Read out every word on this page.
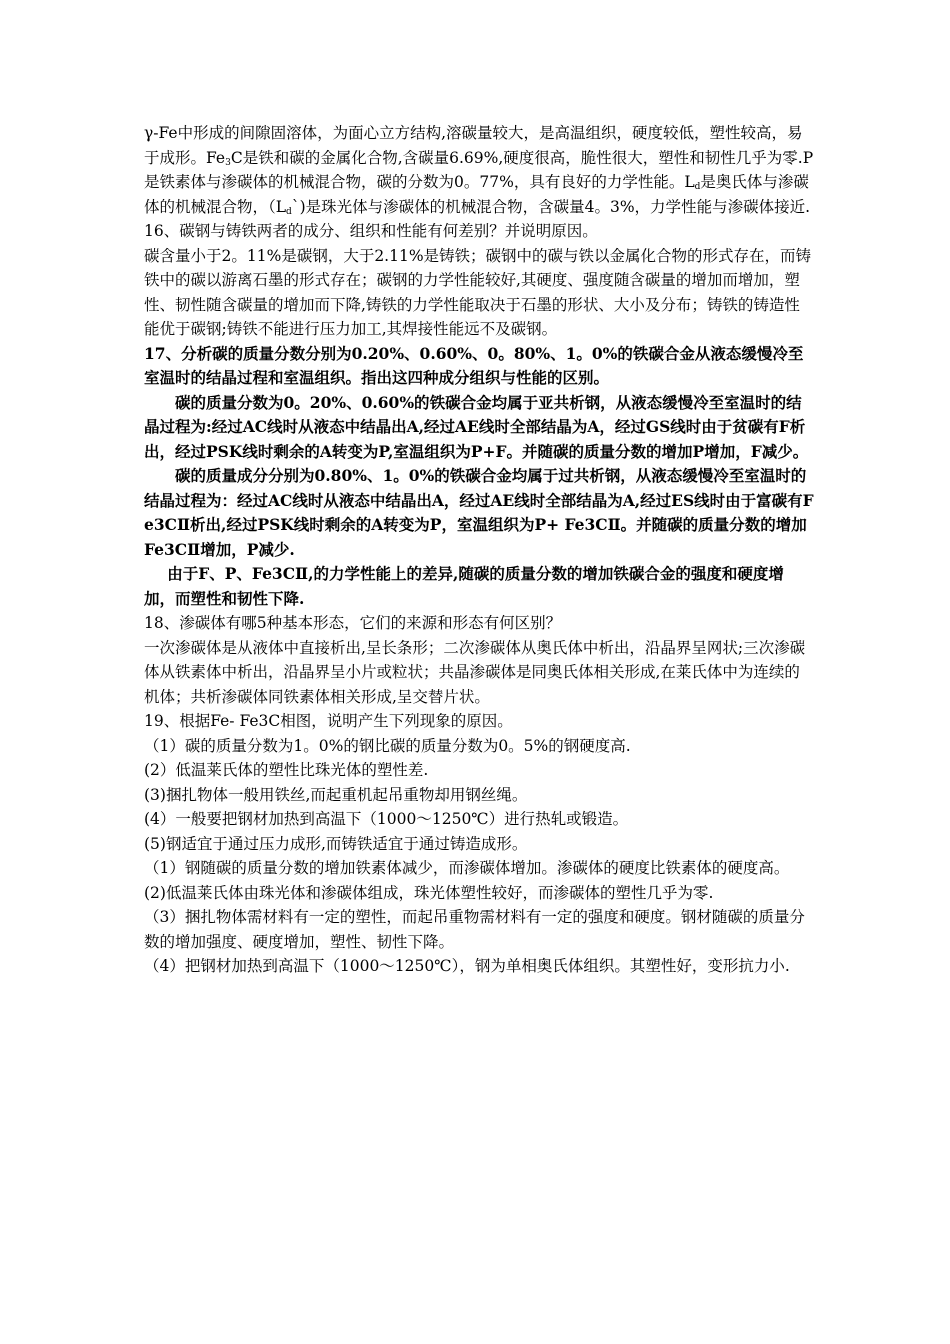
γ-Fe中形成的间隙固溶体，为面心立方结构,溶碳量较大，是高温组织，硬度较低，塑性较高，易于成形。$Fe_3C$是铁和碳的金属化合物,含碳量6.69%,硬度很高，脆性很大，塑性和韧性几乎为零.P是铁素体与渗碳体的机械混合物，碳的分数为0。77%，具有良好的力学性能。$L_d$是奥氏体与渗碳体的机械混合物，$(L_d`)$是珠光体与渗碳体的机械混合物，含碳量4。3%，力学性能与渗碳体接近.

16、碳钢与铸铁两者的成分、组织和性能有何差别？并说明原因。

碳含量小于2。11%是碳钢，大于2.11%是铸铁；碳钢中的碳与铁以金属化合物的形式存在，而铸铁中的碳以游离石墨的形式存在；碳钢的力学性能较好,其硬度、强度随含碳量的增加而增加，塑性、韧性随含碳量的增加而下降,铸铁的力学性能取决于石墨的形状、大小及分布；铸铁的铸造性能优于碳钢;铸铁不能进行压力加工,其焊接性能远不及碳钢。

17、分析碳的质量分数分别为0.20%、0.60%、0。80%、1。0%的铁碳合金从液态缓慢冷至室温时的结晶过程和室温组织。指出这四种成分组织与性能的区别。

碳的质量分数为0。20%、0.60%的铁碳合金均属于亚共析钢，从液态缓慢冷至室温时的结晶过程为:经过AC线时从液态中结晶出A,经过AE线时全部结晶为A，经过GS线时由于贫碳有F析出，经过PSK线时剩余的A转变为P,室温组织为P+F。并随碳的质量分数的增加P增加，F减少。

碳的质量成分分别为0.80%、1。0%的铁碳合金均属于过共析钢，从液态缓慢冷至室温时的结晶过程为：经过AC线时从液态中结晶出A，经过AE线时全部结晶为A,经过ES线时由于富碳有Fe3CⅡ析出,经过PSK线时剩余的A转变为P，室温组织为P+ Fe3CⅡ。并随碳的质量分数的增加Fe3CⅡ增加，P减少.

由于F、P、Fe3CⅡ,的力学性能上的差异,随碳的质量分数的增加铁碳合金的强度和硬度增加，而塑性和韧性下降.

18、渗碳体有哪5种基本形态，它们的来源和形态有何区别？

一次渗碳体是从液体中直接析出,呈长条形；二次渗碳体从奥氏体中析出，沿晶界呈网状;三次渗碳体从铁素体中析出，沿晶界呈小片或粒状；共晶渗碳体是同奥氏体相关形成,在莱氏体中为连续的机体；共析渗碳体同铁素体相关形成,呈交替片状。

19、根据Fe- Fe3C相图，说明产生下列现象的原因。

（1）碳的质量分数为1。0%的钢比碳的质量分数为0。5%的钢硬度高.

(2）低温莱氏体的塑性比珠光体的塑性差.

(3)捆扎物体一般用铁丝,而起重机起吊重物却用钢丝绳。

(4）一般要把钢材加热到高温下（1000～1250℃）进行热轧或锻造。

(5)钢适宜于通过压力成形,而铸铁适宜于通过铸造成形。

（1）钢随碳的质量分数的增加铁素体减少，而渗碳体增加。渗碳体的硬度比铁素体的硬度高。

(2)低温莱氏体由珠光体和渗碳体组成，珠光体塑性较好，而渗碳体的塑性几乎为零.

（3）捆扎物体需材料有一定的塑性，而起吊重物需材料有一定的强度和硬度。钢材随碳的质量分数的增加强度、硬度增加，塑性、韧性下降。

（4）把钢材加热到高温下（1000～1250℃），钢为单相奥氏体组织。其塑性好，变形抗力小.
